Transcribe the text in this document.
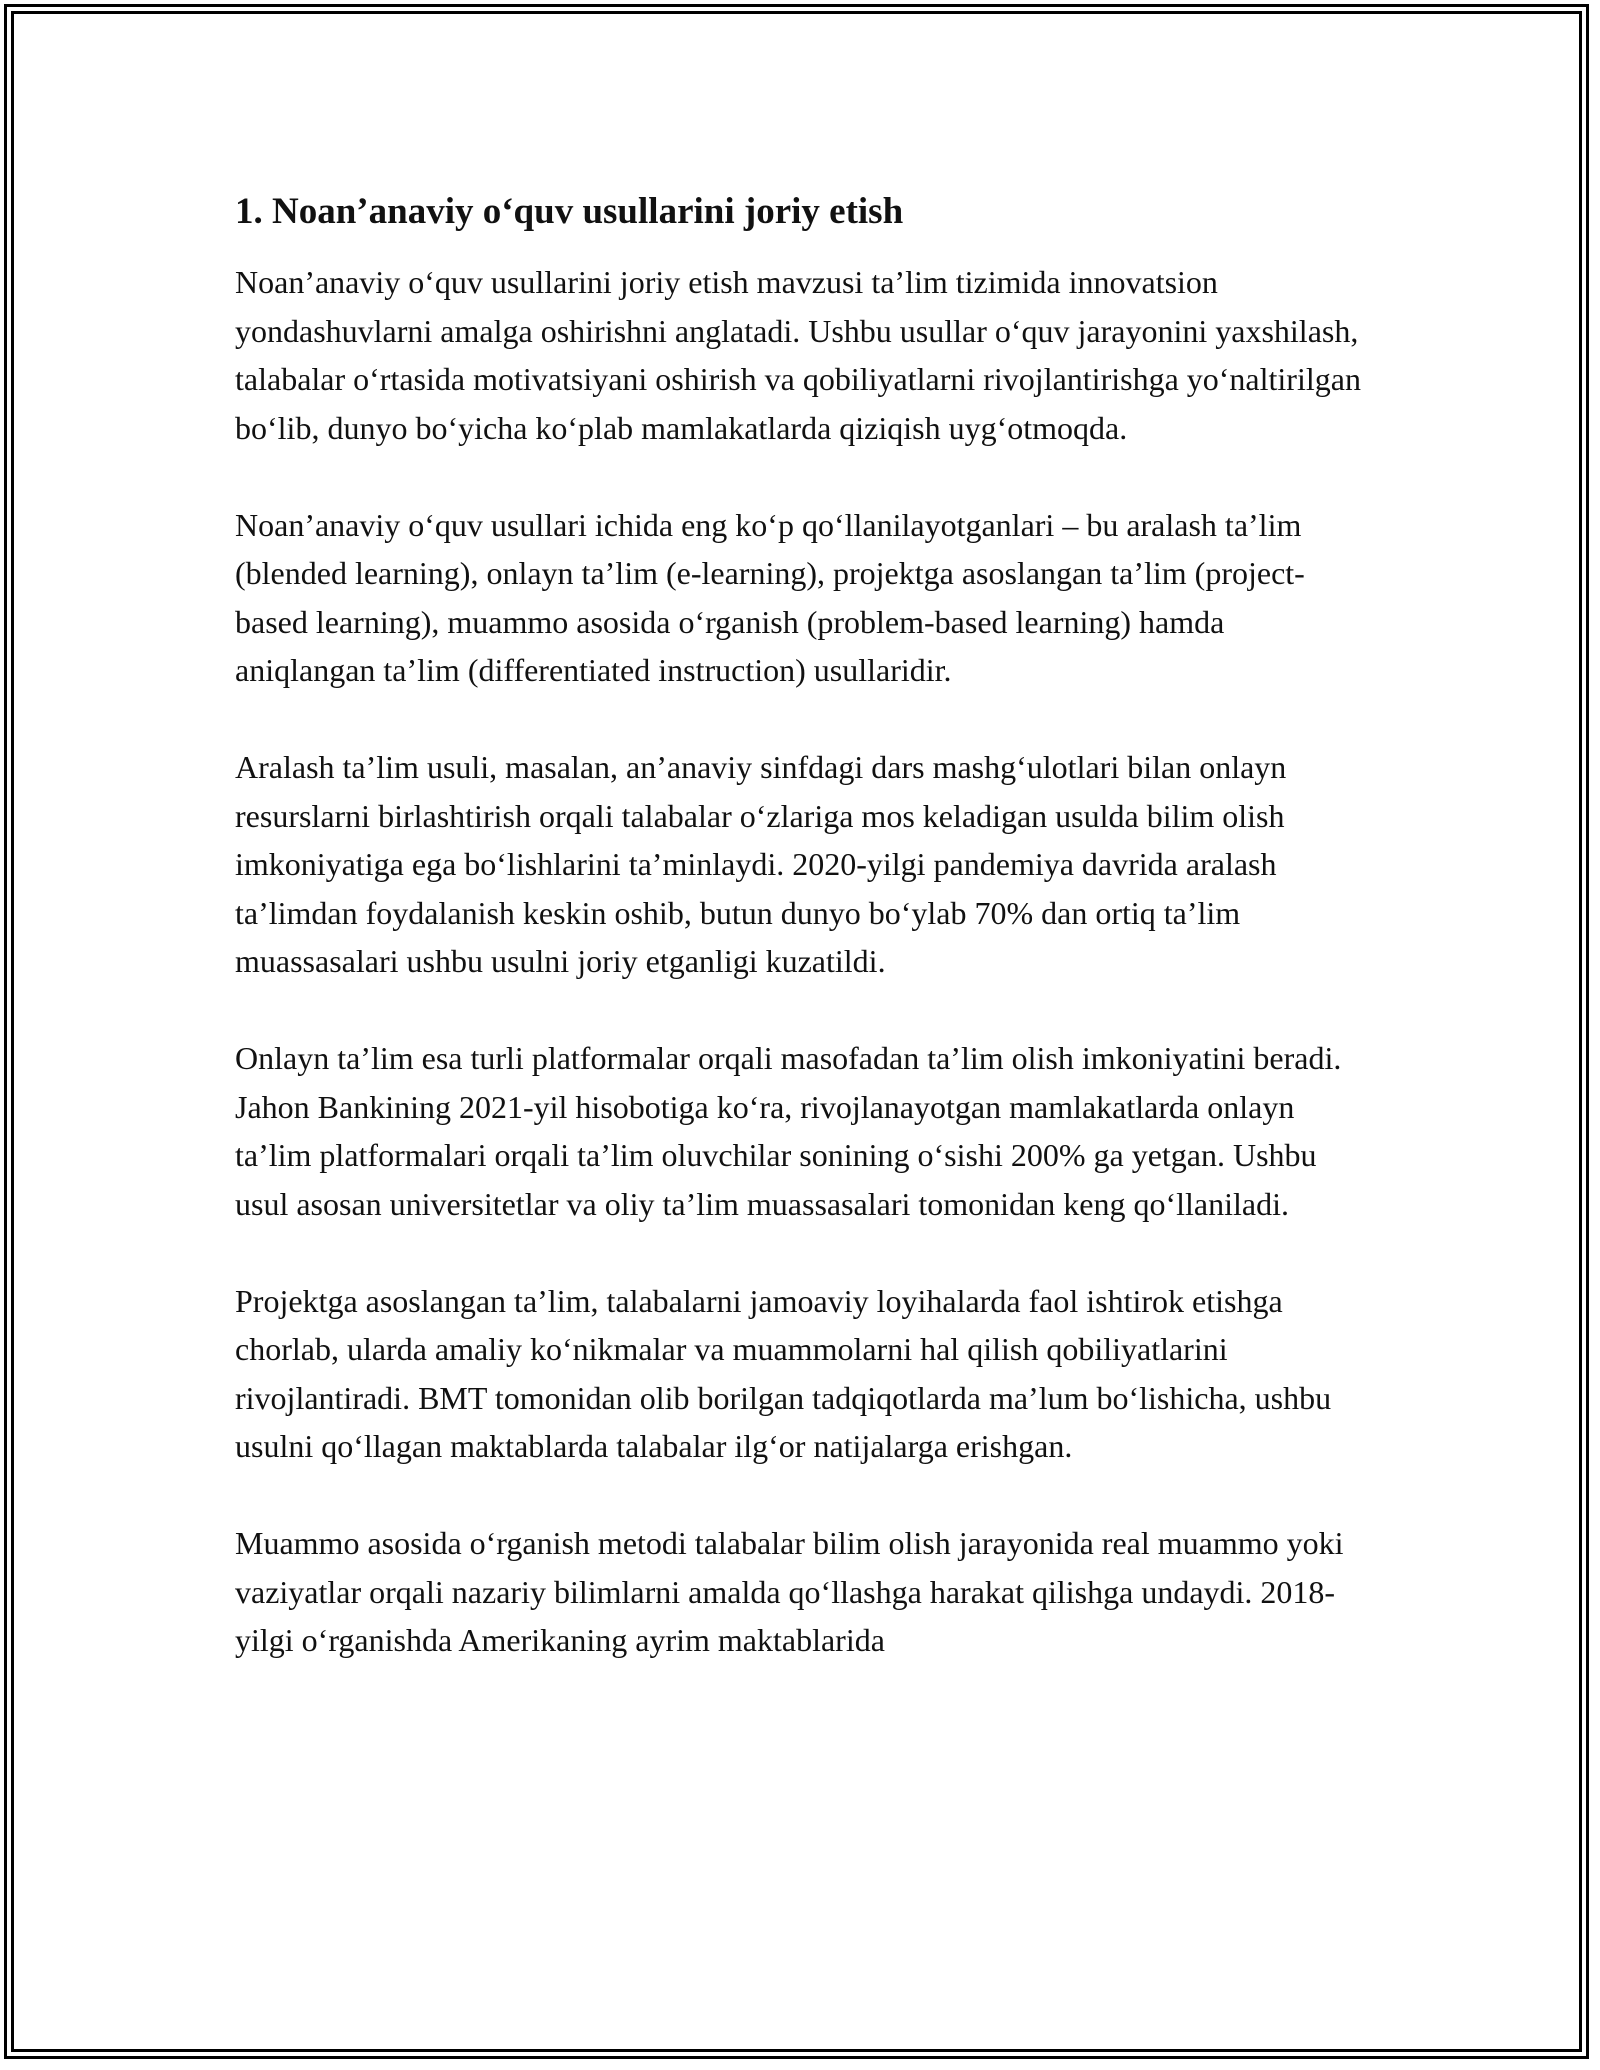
1. Noan’anaviy o‘quv usullarini joriy etish

Noan’anaviy o‘quv usullarini joriy etish mavzusi ta’lim tizimida innovatsion yondashuvlarni amalga oshirishni anglatadi. Ushbu usullar o‘quv jarayonini yaxshilash, talabalar o‘rtasida motivatsiyani oshirish va qobiliyatlarni rivojlantirishga yo‘naltirilgan bo‘lib, dunyo bo‘yicha ko‘plab mamlakatlarda qiziqish uyg‘otmoqda.

Noan’anaviy o‘quv usullari ichida eng ko‘p qo‘llanilayotganlari – bu aralash ta’lim (blended learning), onlayn ta’lim (e-learning), projektga asoslangan ta’lim (project-based learning), muammo asosida o‘rganish (problem-based learning) hamda aniqlangan ta’lim (differentiated instruction) usullaridir.

Aralash ta’lim usuli, masalan, an’anaviy sinfdagi dars mashg‘ulotlari bilan onlayn resurslarni birlashtirish orqali talabalar o‘zlariga mos keladigan usulda bilim olish imkoniyatiga ega bo‘lishlarini ta’minlaydi. 2020-yilgi pandemiya davrida aralash ta’limdan foydalanish keskin oshib, butun dunyo bo‘ylab 70% dan ortiq ta’lim muassasalari ushbu usulni joriy etganligi kuzatildi.

Onlayn ta’lim esa turli platformalar orqali masofadan ta’lim olish imkoniyatini beradi. Jahon Bankining 2021-yil hisobotiga ko‘ra, rivojlanayotgan mamlakatlarda onlayn ta’lim platformalari orqali ta’lim oluvchilar sonining o‘sishi 200% ga yetgan. Ushbu usul asosan universitetlar va oliy ta’lim muassasalari tomonidan keng qo‘llaniladi.

Projektga asoslangan ta’lim, talabalarni jamoaviy loyihalarda faol ishtirok etishga chorlab, ularda amaliy ko‘nikmalar va muammolarni hal qilish qobiliyatlarini rivojlantiradi. BMT tomonidan olib borilgan tadqiqotlarda ma’lum bo‘lishicha, ushbu usulni qo‘llagan maktablarda talabalar ilg‘or natijalarga erishgan.

Muammo asosida o‘rganish metodi talabalar bilim olish jarayonida real muammo yoki vaziyatlar orqali nazariy bilimlarni amalda qo‘llashga harakat qilishga undaydi. 2018-yilgi o‘rganishda Amerikaning ayrim maktablarida
